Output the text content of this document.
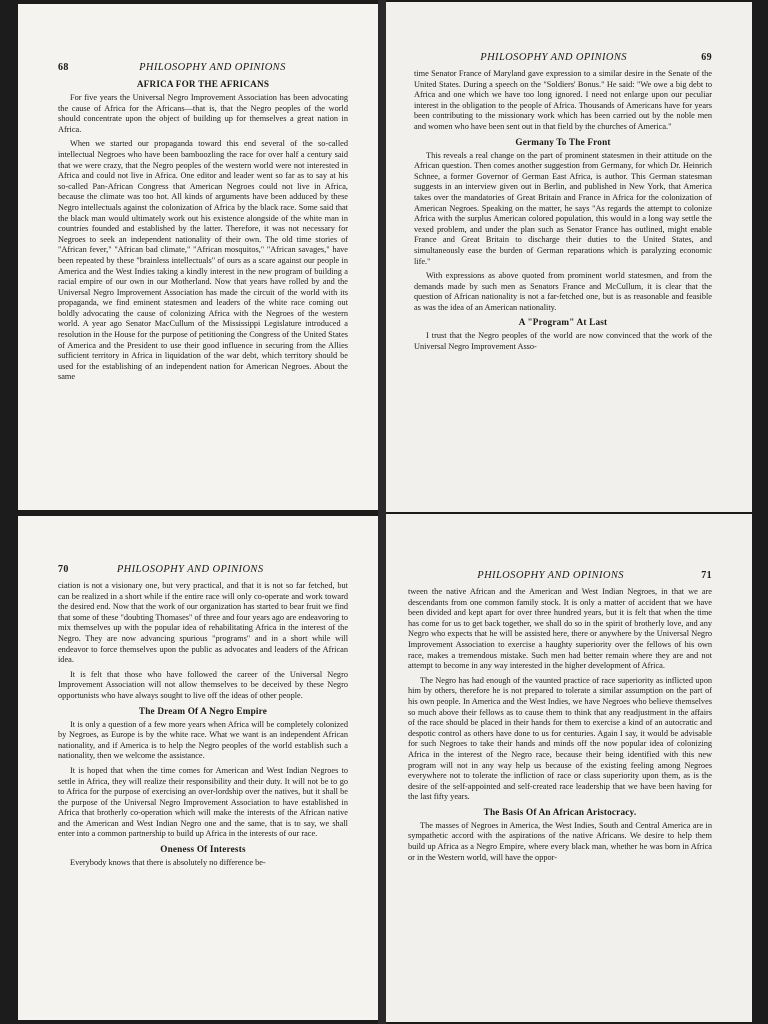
68	PHILOSOPHY AND OPINIONS
AFRICA FOR THE AFRICANS

For five years the Universal Negro Improvement Association has been advocating the cause of Africa for the Africans—that is, that the Negro peoples of the world should concentrate upon the object of building up for themselves a great nation in Africa.

When we started our propaganda toward this end several of the so-called intellectual Negroes who have been bamboozling the race for over half a century said that we were crazy, that the Negro peoples of the western world were not interested in Africa and could not live in Africa. One editor and leader went so far as to say at his so-called Pan-African Congress that American Negroes could not live in Africa, because the climate was too hot. All kinds of arguments have been adduced by these Negro intellectuals against the colonization of Africa by the black race. Some said that the black man would ultimately work out his existence alongside of the white man in countries founded and established by the latter. Therefore, it was not necessary for Negroes to seek an independent nationality of their own. The old time stories of "African fever," "African bad climate," "African mosquitos," "African savages," have been repeated by these "brainless intellectuals" of ours as a scare against our people in America and the West Indies taking a kindly interest in the new program of building a racial empire of our own in our Motherland. Now that years have rolled by and the Universal Negro Improvement Association has made the circuit of the world with its propaganda, we find eminent statesmen and leaders of the white race coming out boldly advocating the cause of colonizing Africa with the Negroes of the western world. A year ago Senator MacCullum of the Mississippi Legislature introduced a resolution in the House for the purpose of petitioning the Congress of the United States of America and the President to use their good influence in securing from the Allies sufficient territory in Africa in liquidation of the war debt, which territory should be used for the establishing of an independent nation for American Negroes. About the same

PHILOSOPHY AND OPINIONS	69

time Senator France of Maryland gave expression to a similar desire in the Senate of the United States. During a speech on the "Soldiers' Bonus." He said: "We owe a big debt to Africa and one which we have too long ignored. I need not enlarge upon our peculiar interest in the obligation to the people of Africa. Thousands of Americans have for years been contributing to the missionary work which has been carried out by the noble men and women who have been sent out in that field by the churches of America."

Germany To The Front

This reveals a real change on the part of prominent statesmen in their attitude on the African question. Then comes another suggestion from Germany, for which Dr. Heinrich Schnee, a former Governor of German East Africa, is author. This German statesman suggests in an interview given out in Berlin, and published in New York, that America takes over the mandatories of Great Britain and France in Africa for the colonization of American Negroes. Speaking on the matter, he says "As regards the attempt to colonize Africa with the surplus American colored population, this would in a long way settle the vexed problem, and under the plan such as Senator France has outlined, might enable France and Great Britain to discharge their duties to the United States, and simultaneously ease the burden of German reparations which is paralyzing economic life."

With expressions as above quoted from prominent world statesmen, and from the demands made by such men as Senators France and McCullum, it is clear that the question of African nationality is not a far-fetched one, but is as reasonable and feasible as was the idea of an American nationality.

A "Program" At Last

I trust that the Negro peoples of the world are now convinced that the work of the Universal Negro Improvement Asso-

70	PHILOSOPHY AND OPINIONS

ciation is not a visionary one, but very practical, and that it is not so far fetched, but can be realized in a short while if the entire race will only co-operate and work toward the desired end. Now that the work of our organization has started to bear fruit we find that some of these "doubting Thomases" of three and four years ago are endeavoring to mix themselves up with the popular idea of rehabilitating Africa in the interest of the Negro. They are now advancing spurious "programs" and in a short while will endeavor to force themselves upon the public as advocates and leaders of the African idea.

It is felt that those who have followed the career of the Universal Negro Improvement Association will not allow themselves to be deceived by these Negro opportunists who have always sought to live off the ideas of other people.

The Dream Of A Negro Empire

It is only a question of a few more years when Africa will be completely colonized by Negroes, as Europe is by the white race. What we want is an independent African nationality, and if America is to help the Negro peoples of the world establish such a nationality, then we welcome the assistance.

It is hoped that when the time comes for American and West Indian Negroes to settle in Africa, they will realize their responsibility and their duty. It will not be to go to Africa for the purpose of exercising an over-lordship over the natives, but it shall be the purpose of the Universal Negro Improvement Association to have established in Africa that brotherly co-operation which will make the interests of the African native and the American and West Indian Negro one and the same, that is to say, we shall enter into a common partnership to build up Africa in the interests of our race.

Oneness Of Interests

Everybody knows that there is absolutely no difference be-

PHILOSOPHY AND OPINIONS	71

tween the native African and the American and West Indian Negroes, in that we are descendants from one common family stock. It is only a matter of accident that we have been divided and kept apart for over three hundred years, but it is felt that when the time has come for us to get back together, we shall do so in the spirit of brotherly love, and any Negro who expects that he will be assisted here, there or anywhere by the Universal Negro Improvement Association to exercise a haughty superiority over the fellows of his own race, makes a tremendous mistake. Such men had better remain where they are and not attempt to become in any way interested in the higher development of Africa.

The Negro has had enough of the vaunted practice of race superiority as inflicted upon him by others, therefore he is not prepared to tolerate a similar assumption on the part of his own people. In America and the West Indies, we have Negroes who believe themselves so much above their fellows as to cause them to think that any readjustment in the affairs of the race should be placed in their hands for them to exercise a kind of an autocratic and despotic control as others have done to us for centuries. Again I say, it would be advisable for such Negroes to take their hands and minds off the now popular idea of colonizing Africa in the interest of the Negro race, because their being identified with this new program will not in any way help us because of the existing feeling among Negroes everywhere not to tolerate the infliction of race or class superiority upon them, as is the desire of the self-appointed and self-created race leadership that we have been having for the last fifty years.

The Basis Of An African Aristocracy.

The masses of Negroes in America, the West Indies, South and Central America are in sympathetic accord with the aspirations of the native Africans. We desire to help them build up Africa as a Negro Empire, where every black man, whether he was born in Africa or in the Western world, will have the oppor-
